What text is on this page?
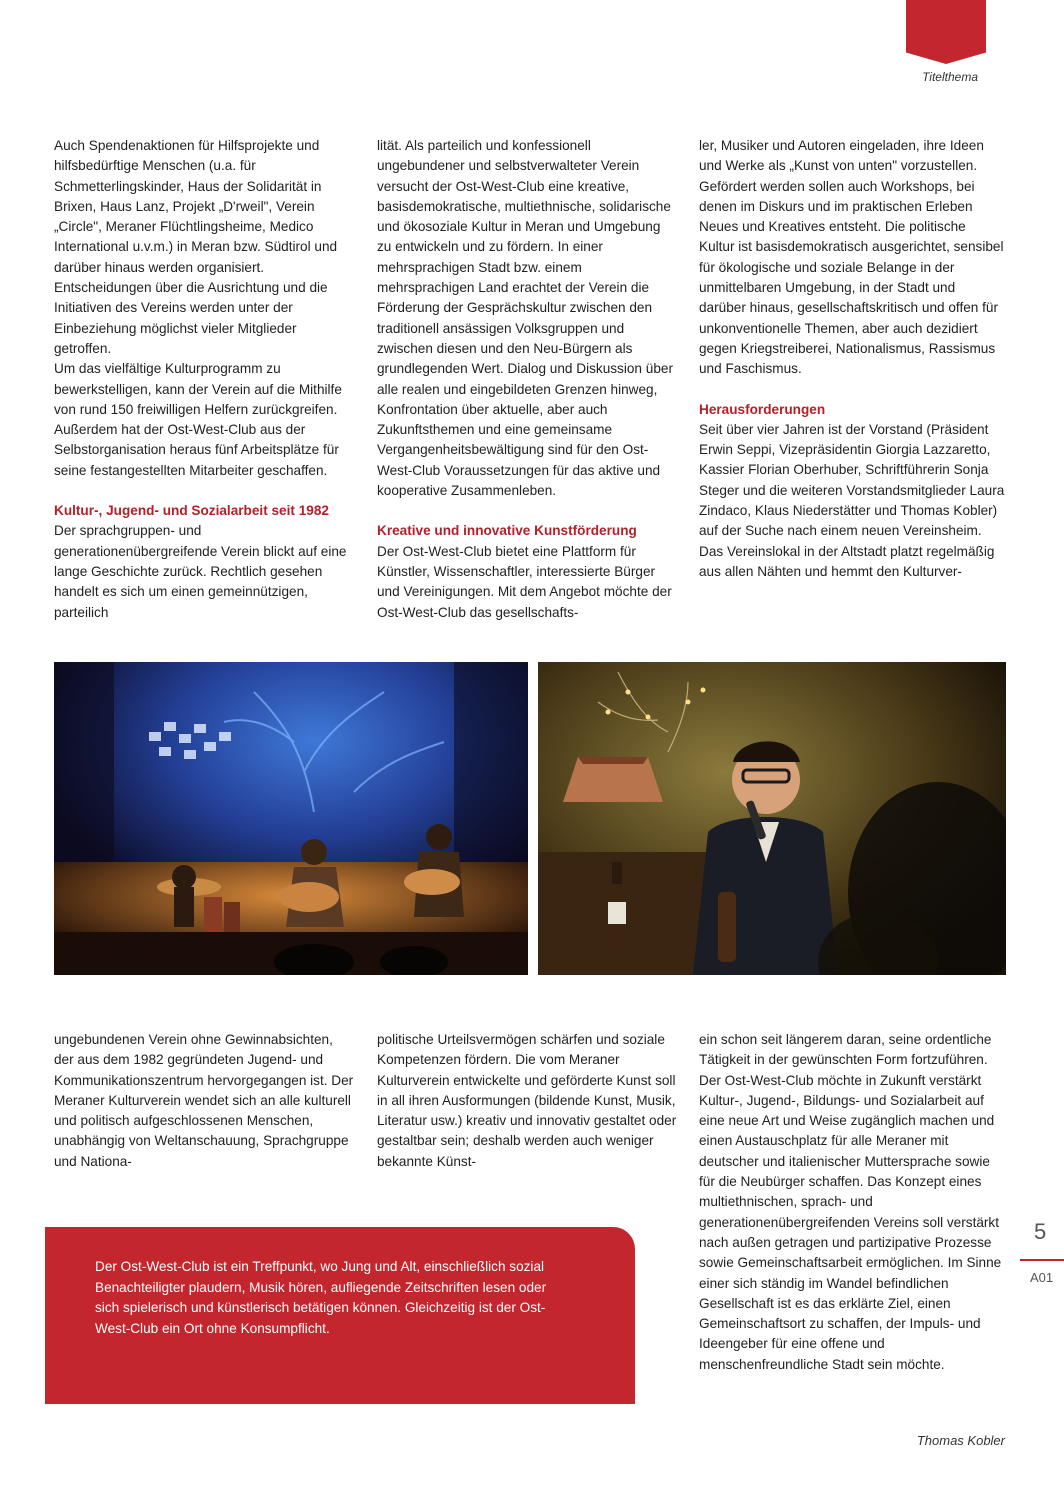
Titelthema

Auch Spendenaktionen für Hilfsprojekte und hilfsbedürftige Menschen (u.a. für Schmetterlingskinder, Haus der Solidarität in Brixen, Haus Lanz, Projekt „D'rweil", Verein „Circle", Meraner Flüchtlingsheime, Medico International u.v.m.) in Meran bzw. Südtirol und darüber hinaus werden organisiert. Entscheidungen über die Ausrichtung und die Initiativen des Vereins werden unter der Einbeziehung möglichst vieler Mitglieder getroffen.

Um das vielfältige Kulturprogramm zu bewerkstelligen, kann der Verein auf die Mithilfe von rund 150 freiwilligen Helfern zurückgreifen. Außerdem hat der Ost-West-Club aus der Selbstorganisation heraus fünf Arbeitsplätze für seine festangestellten Mitarbeiter geschaffen.

Kultur-, Jugend- und Sozialarbeit seit 1982

Der sprachgruppen- und generationenübergreifende Verein blickt auf eine lange Geschichte zurück. Rechtlich gesehen handelt es sich um einen gemeinnützigen, parteilich

lität. Als parteilich und konfessionell ungebundener und selbstverwalteter Verein versucht der Ost-West-Club eine kreative, basisdemokratische, multiethnische, solidarische und ökosoziale Kultur in Meran und Umgebung zu entwickeln und zu fördern. In einer mehrsprachigen Stadt bzw. einem mehrsprachigen Land erachtet der Verein die Förderung der Gesprächskultur zwischen den traditionell ansässigen Volksgruppen und zwischen diesen und den Neu-Bürgern als grundlegenden Wert. Dialog und Diskussion über alle realen und eingebildeten Grenzen hinweg, Konfrontation über aktuelle, aber auch Zukunftsthemen und eine gemeinsame Vergangenheitsbewältigung sind für den Ost-West-Club Voraussetzungen für das aktive und kooperative Zusammenleben.

Kreative und innovative Kunstförderung

Der Ost-West-Club bietet eine Plattform für Künstler, Wissenschaftler, interessierte Bürger und Vereinigungen. Mit dem Angebot möchte der Ost-West-Club das gesellschafts-

ler, Musiker und Autoren eingeladen, ihre Ideen und Werke als „Kunst von unten" vorzustellen. Gefördert werden sollen auch Workshops, bei denen im Diskurs und im praktischen Erleben Neues und Kreatives entsteht. Die politische Kultur ist basisdemokratisch ausgerichtet, sensibel für ökologische und soziale Belange in der unmittelbaren Umgebung, in der Stadt und darüber hinaus, gesellschaftskritisch und offen für unkonventionelle Themen, aber auch dezidiert gegen Kriegstreiberei, Nationalismus, Rassismus und Faschismus.

Herausforderungen

Seit über vier Jahren ist der Vorstand (Präsident Erwin Seppi, Vizepräsidentin Giorgia Lazzaretto, Kassier Florian Oberhuber, Schriftführerin Sonja Steger und die weiteren Vorstandsmitglieder Laura Zindaco, Klaus Niederstätter und Thomas Kobler) auf der Suche nach einem neuen Vereinsheim. Das Vereinslokal in der Altstadt platzt regelmäßig aus allen Nähten und hemmt den Kulturver-

ungebundenen Verein ohne Gewinnabsichten, der aus dem 1982 gegründeten Jugend- und Kommunikationszentrum hervorgegangen ist. Der Meraner Kulturverein wendet sich an alle kulturell und politisch aufgeschlossenen Menschen, unabhängig von Weltanschauung, Sprachgruppe und Nationa-
politische Urteilsvermögen schärfen und soziale Kompetenzen fördern. Die vom Meraner Kulturverein entwickelte und geförderte Kunst soll in all ihren Ausformungen (bildende Kunst, Musik, Literatur usw.) kreativ und innovativ gestaltet oder gestaltbar sein; deshalb werden auch weniger bekannte Künst-
ein schon seit längerem daran, seine ordentliche Tätigkeit in der gewünschten Form fortzuführen. Der Ost-West-Club möchte in Zukunft verstärkt Kultur-, Jugend-, Bildungs- und Sozialarbeit auf eine neue Art und Weise zugänglich machen und einen Austauschplatz für alle Meraner mit deutscher und italienischer Muttersprache sowie für die Neubürger schaffen. Das Konzept eines multiethnischen, sprach- und generationenübergreifenden Vereins soll verstärkt nach außen getragen und partizipative Prozesse sowie Gemeinschaftsarbeit ermöglichen. Im Sinne einer sich ständig im Wandel befindlichen Gesellschaft ist es das erklärte Ziel, einen Gemeinschaftsort zu schaffen, der Impuls- und Ideengeber für eine offene und menschenfreundliche Stadt sein möchte.
Der Ost-West-Club ist ein Treffpunkt, wo Jung und Alt, einschließlich sozial Benachteiligter plaudern, Musik hören, aufliegende Zeitschriften lesen oder sich spielerisch und künstlerisch betätigen können. Gleichzeitig ist der Ost-West-Club ein Ort ohne Konsumpflicht.
Thomas Kobler
5
A01
